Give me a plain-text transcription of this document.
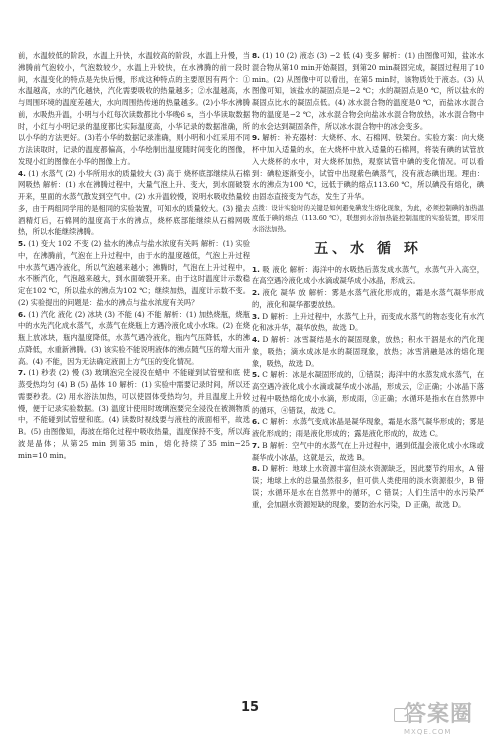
前，水温较低的阶段，水温上升快，水温较高的阶段，水温上升慢，当沸腾前气泡较小，气泡数较少，水温上升较快，在水沸腾的前一段时间，水温变化的特点是先快后慢，形成这种特点的主要原因有两个：①水温越高，水的汽化越快，汽化需要吸收的热量越多；②水温越高，水与周围环境的温度差越大，水向周围热传递的热量越多。(2)小华水沸腾前，水吸热升温，小明与小红每次读数都比小华晚6 s，当小华读取数据时，小红与小明记录的温度都比实际温度高，小华记录的数据准确，所以小华的方法更好。(3)若小华的数据记录准确，则小明和小红采用不同方法读取时，记录的温度都偏高，小华绘制出温度随时间变化的图像，发现小红的图像在小华的图像上方。

4. (1) 水蒸气 (2) 小华所用水的质量较大 (3) 高于 烧杯底部继续从石棉网吸热 解析：(1) 水在沸腾过程中，大量气泡上升、变大，到水面破裂开来，里面的水蒸气散发到空气中。(2) 水升温较慢，说明水吸收热量较多，由于两组同学用的是相同的实验装置，可知水的质量较大。(3) 撤去酒精灯后，石棉网的温度高于水的沸点，烧杯底部能继续从石棉网吸热，所以水能继续沸腾。

5. (1) 变大 102 不变 (2) 盐水的沸点与盐水浓度有关吗 解析：(1) 实验中，在沸腾前，气泡在上升过程中，由于水的温度越低，气泡上升过程中水蒸气遇冷液化，所以气泡越来越小；沸腾时，气泡在上升过程中，水不断汽化，气泡越来越大，到水面破裂开来。由于这时温度计示数稳定在102 ℃，所以盐水的沸点为102 ℃；继续加热，温度计示数不变。(2) 实验提出的问题是：盐水的沸点与盐水浓度有关吗？

6. (1) 汽化 液化 (2) 冰块 (3) 不能 (4) 不能 解析：(1) 加热烧瓶，烧瓶中的水先汽化成水蒸气，水蒸气在烧瓶上方遇冷液化成小水珠。(2) 在烧瓶上放冰块，瓶内温度降低，水蒸气遇冷液化，瓶内气压降低，水的沸点降低，水重新沸腾。(3) 该实验不能说明液体的沸点随气压的增大而升高。(4) 不能，因为无法确定液面上方气压的变化情况。

7. (1) 秒表 (2) 慢 (3) 玻璃泡完全浸没在蜡中 不能碰到试管壁和底 使蒸受热均匀 (4) B (5) 晶体 10 解析：(1) 实验中需要记录时间，所以还需要秒表。(2) 用水浴法加热，可以使固体受热均匀，并且温度上升较慢，便于记录实验数据。(3) 温度计使用时玻璃泡要完全浸没在被测物质中，不能碰到试管壁和底。(4) 读数时视线要与液柱的液面相平，故选 B。(5) 由图像知，海波在熔化过程中吸收热量，温度保持不变，所以海波是晶体；从第25 min 到第35 min，熔化持续了35 min−25 min=10 min。

8. (1) 10 (2) 液态 (3) −2 低 (4) 变多 解析：(1) 由图像可知，盐冰水混合物从第10 min开始凝固，到第20 min凝固完成，凝固过程用了10 min。(2) 从图像中可以看出，在第5 min时，该物质处于液态。(3) 从图像可知，该盐水的凝固点是−2 ℃；水的凝固点是0 ℃，所以盐水的凝固点比水的凝固点低。(4) 冰水混合物的温度是0 ℃，而盐冰水混合物的温度是−2 ℃，冰水混合物会向盐冰水混合物放热，冰水混合物中的水会达到凝固条件，所以冰水混合物中的冰会变多。

9. 解析：补充器材：大烧杯、水、石棉网、铁架台。实验方案：向大烧杯中加入适量的水，在大烧杯中放入适量的石棉网，将装有碘的试管放入大烧杯的水中，对大烧杯加热，观察试管中碘的变化情况。可以看到：碘粒逐渐变小，试管中出现紫色碘蒸气，没有液态碘出现。理由：水的沸点为100 ℃，远低于碘的熔点113.60 ℃，所以碘没有熔化，碘由固态直接变为气态，发生了升华。

点拨：设计实验时的关键是如何避免碘发生熔化现象，为此，必须控制碘的加热温度低于碘的熔点（113.60 ℃），联想到水浴加热能控制温度的实验装置，即采用水浴法加热。

五、水 循 环

1. 吸 液化 解析：海洋中的水吸热后蒸发成水蒸气，水蒸气升入高空，在高空遇冷液化成小水滴或凝华成小冰晶，形成云。

2. 液化 凝华 放 解析：雾是水蒸气液化形成的，霜是水蒸气凝华形成的，液化和凝华都要放热。

3. D 解析：上升过程中，水蒸气上升，而变成水蒸气的物态变化有水汽化和冰升华，凝华放热，故选 D。

4. D 解析：冰雪凝结是水的凝固现象，放热；积水干涸是水的汽化现象，吸热；滴水成冰是水的凝固现象，放热；冰雪消融是冰的熔化现象，吸热，故选 D。

5. C 解析：冰是水凝固形成的，①错误；海洋中的水蒸发成水蒸气，在高空遇冷液化成小水滴或凝华成小冰晶，形成云，②正确；小冰晶下落过程中吸热熔化成小水滴，形成雨，③正确；水循环是指水在自然界中的循环，④错误，故选 C。

6. C 解析：水蒸气变成冰晶是凝华现象，霜是水蒸气凝华形成的；雾是液化形成的；雨是液化形成的；露是液化形成的，故选 C。

7. B 解析：空气中的水蒸气在上升过程中，遇到低温会液化成小水珠或凝华成小冰晶，这就是云，故选 B。

8. D 解析：地球上水资源丰富但淡水资源缺乏，因此要节约用水，A 错误；地球上水的总量虽然很多，但可供人类使用的淡水资源很少，B 错误；水循环是水在自然界中的循环，C 错误；人们生活中的水污染严重，会加剧水资源短缺的现象，要防治水污染，D 正确，故选 D。

15	答案圈
MXQE.COM
